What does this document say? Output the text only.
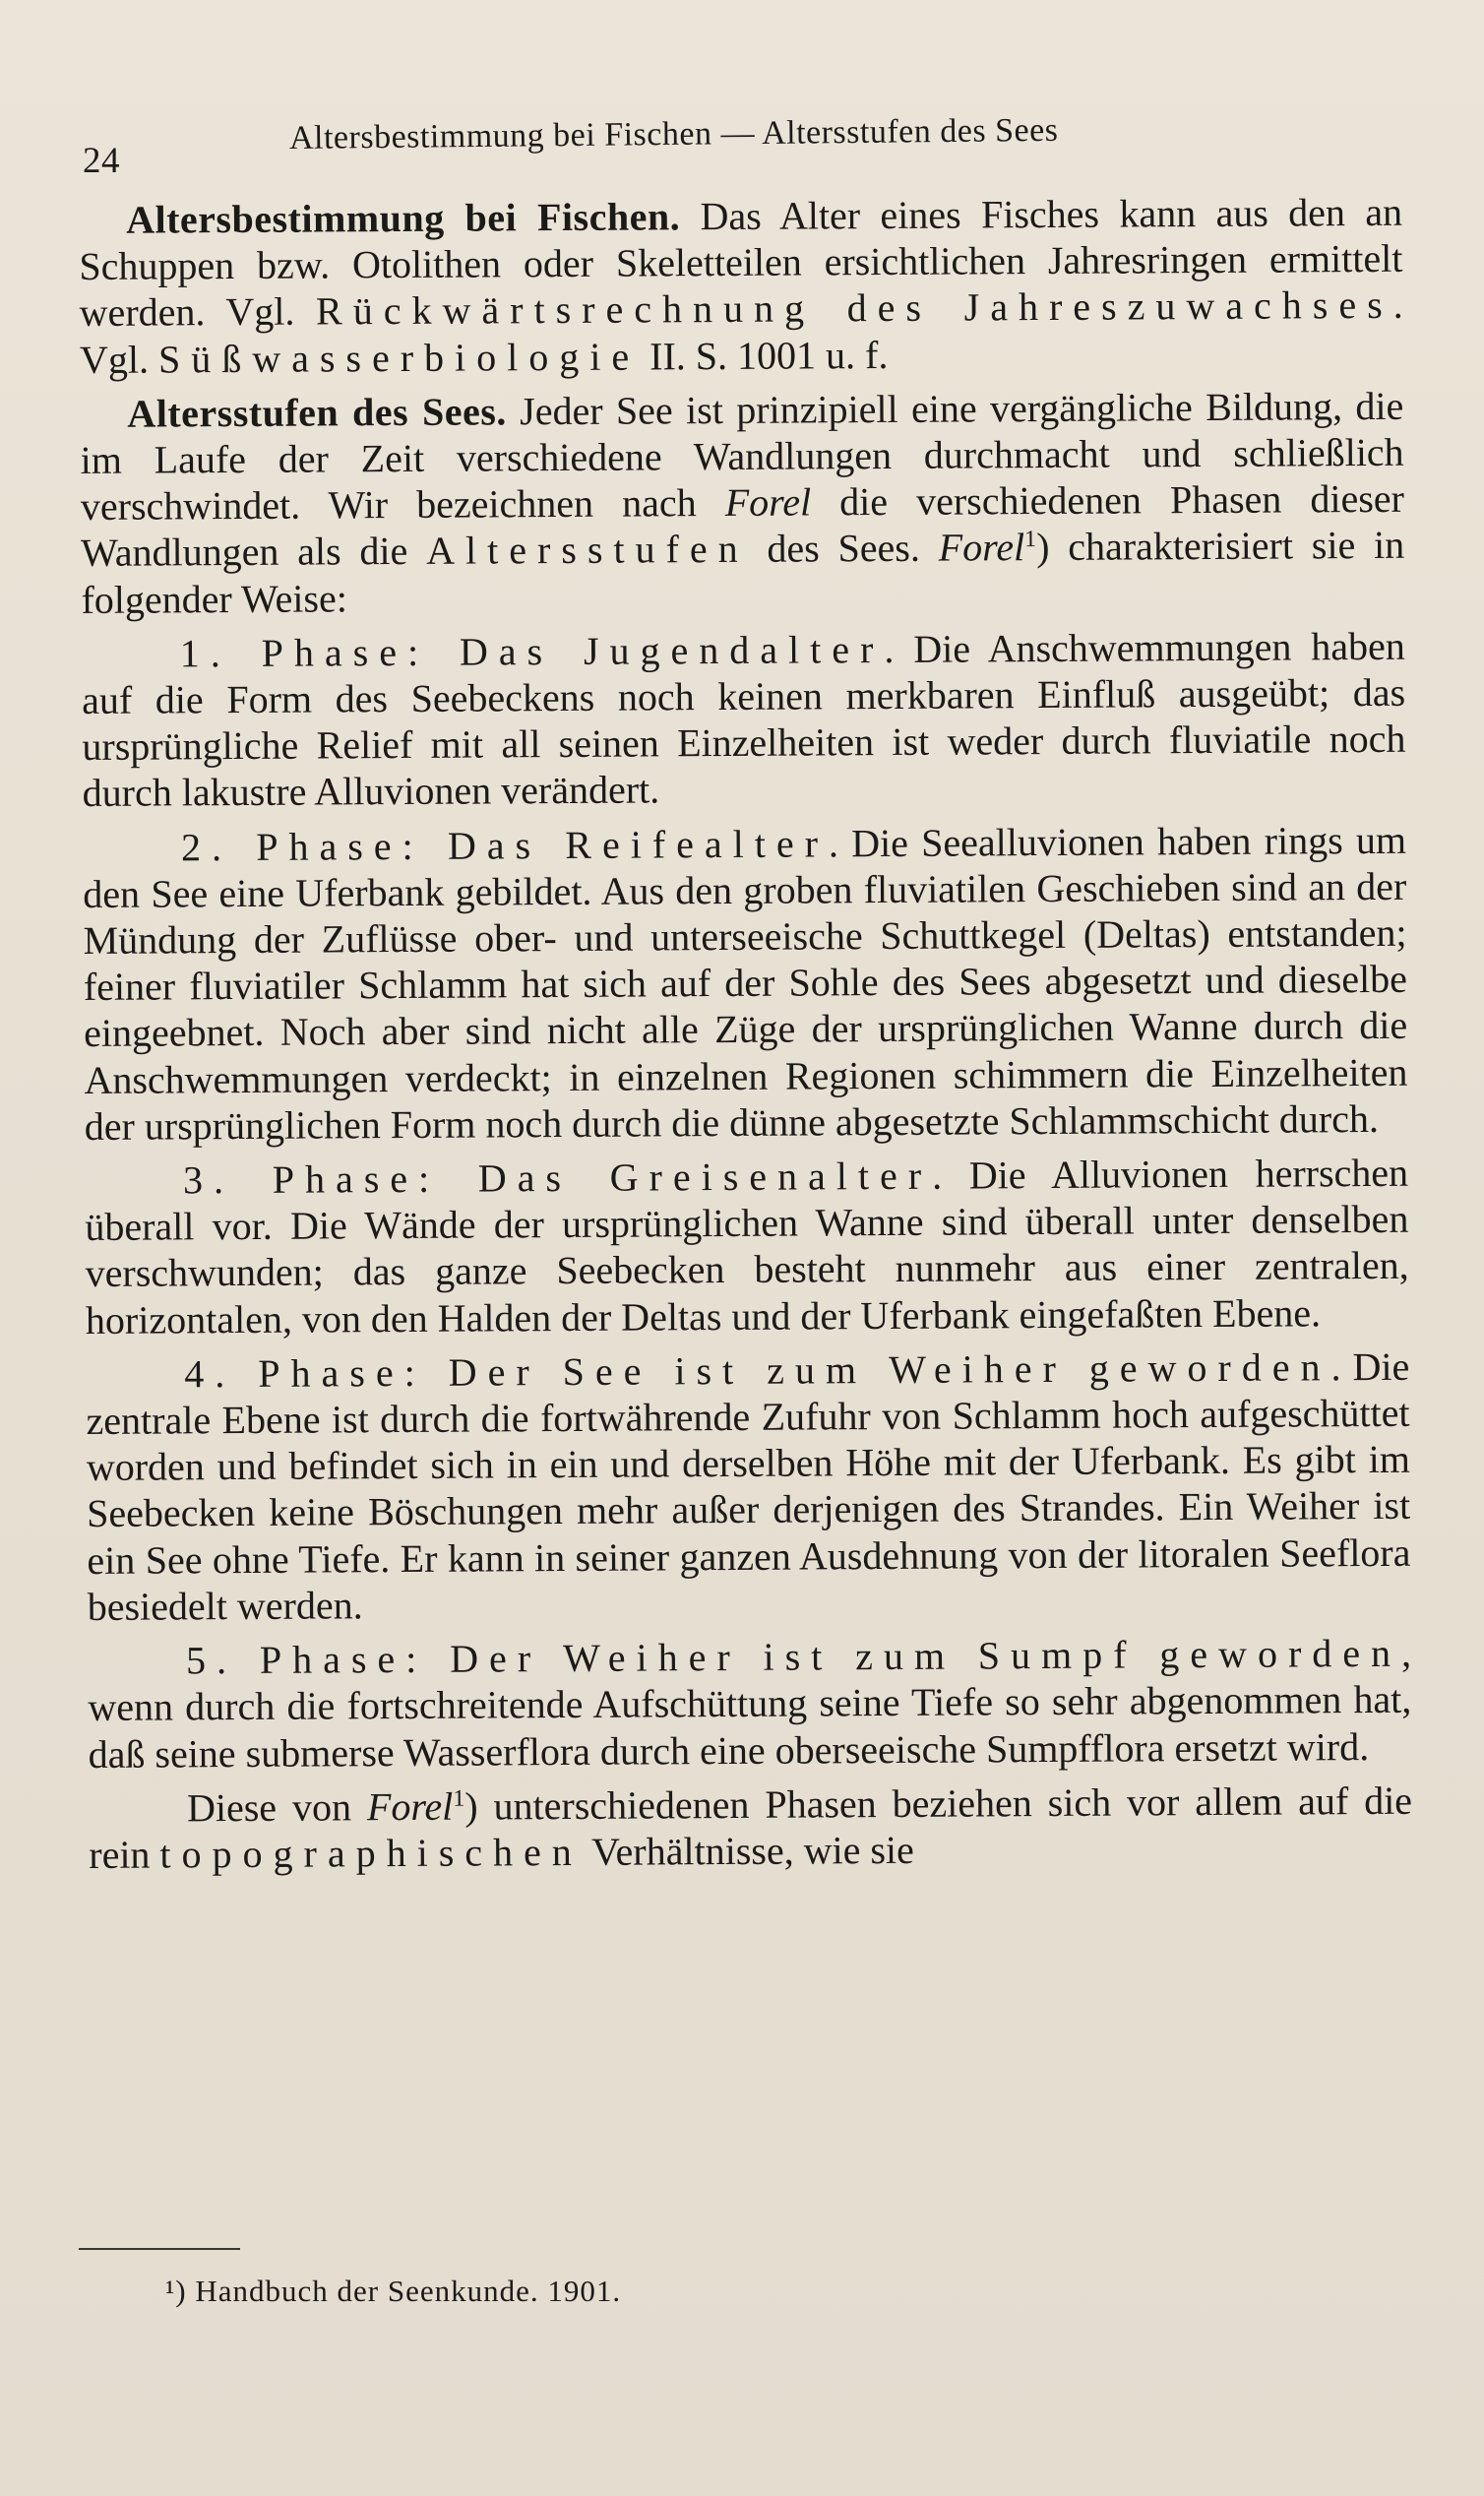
24
Altersbestimmung bei Fischen — Altersstufen des Sees

Altersbestimmung bei Fischen. Das Alter eines Fisches kann aus den an Schuppen bzw. Otolithen oder Skeletteilen ersichtlichen Jahresringen ermittelt werden. Vgl. Rückwärtsrechnung des Jahreszuwachses. Vgl. Süßwasserbiologie II. S. 1001 u. f.

Altersstufen des Sees. Jeder See ist prinzipiell eine vergängliche Bildung, die im Laufe der Zeit verschiedene Wandlungen durchmacht und schließlich verschwindet. Wir bezeichnen nach Forel die verschiedenen Phasen dieser Wandlungen als die Altersstufen des Sees. Forel$^1$) charakterisiert sie in folgender Weise:

1. Phase: Das Jugendalter. Die Anschwemmungen haben auf die Form des Seebeckens noch keinen merkbaren Einfluß ausgeübt; das ursprüngliche Relief mit all seinen Einzelheiten ist weder durch fluviatile noch durch lakustre Alluvionen verändert.

2. Phase: Das Reifealter. Die Seealluvionen haben rings um den See eine Uferbank gebildet. Aus den groben fluviatilen Geschieben sind an der Mündung der Zuflüsse ober- und unterseeische Schuttkegel (Deltas) entstanden; feiner fluviatiler Schlamm hat sich auf der Sohle des Sees abgesetzt und dieselbe eingeebnet. Noch aber sind nicht alle Züge der ursprünglichen Wanne durch die Anschwemmungen verdeckt; in einzelnen Regionen schimmern die Einzelheiten der ursprünglichen Form noch durch die dünne abgesetzte Schlammschicht durch.

3. Phase: Das Greisenalter. Die Alluvionen herrschen überall vor. Die Wände der ursprünglichen Wanne sind überall unter denselben verschwunden; das ganze Seebecken besteht nunmehr aus einer zentralen, horizontalen, von den Halden der Deltas und der Uferbank eingefaßten Ebene.

4. Phase: Der See ist zum Weiher geworden. Die zentrale Ebene ist durch die fortwährende Zufuhr von Schlamm hoch aufgeschüttet worden und befindet sich in ein und derselben Höhe mit der Uferbank. Es gibt im Seebecken keine Böschungen mehr außer derjenigen des Strandes. Ein Weiher ist ein See ohne Tiefe. Er kann in seiner ganzen Ausdehnung von der litoralen Seeflora besiedelt werden.

5. Phase: Der Weiher ist zum Sumpf geworden, wenn durch die fortschreitende Aufschüttung seine Tiefe so sehr abgenommen hat, daß seine submerse Wasserflora durch eine oberseeische Sumpfflora ersetzt wird.

Diese von Forel$^1$) unterschiedenen Phasen beziehen sich vor allem auf die rein topographischen Verhältnisse, wie sie

¹) Handbuch der Seenkunde. 1901.
